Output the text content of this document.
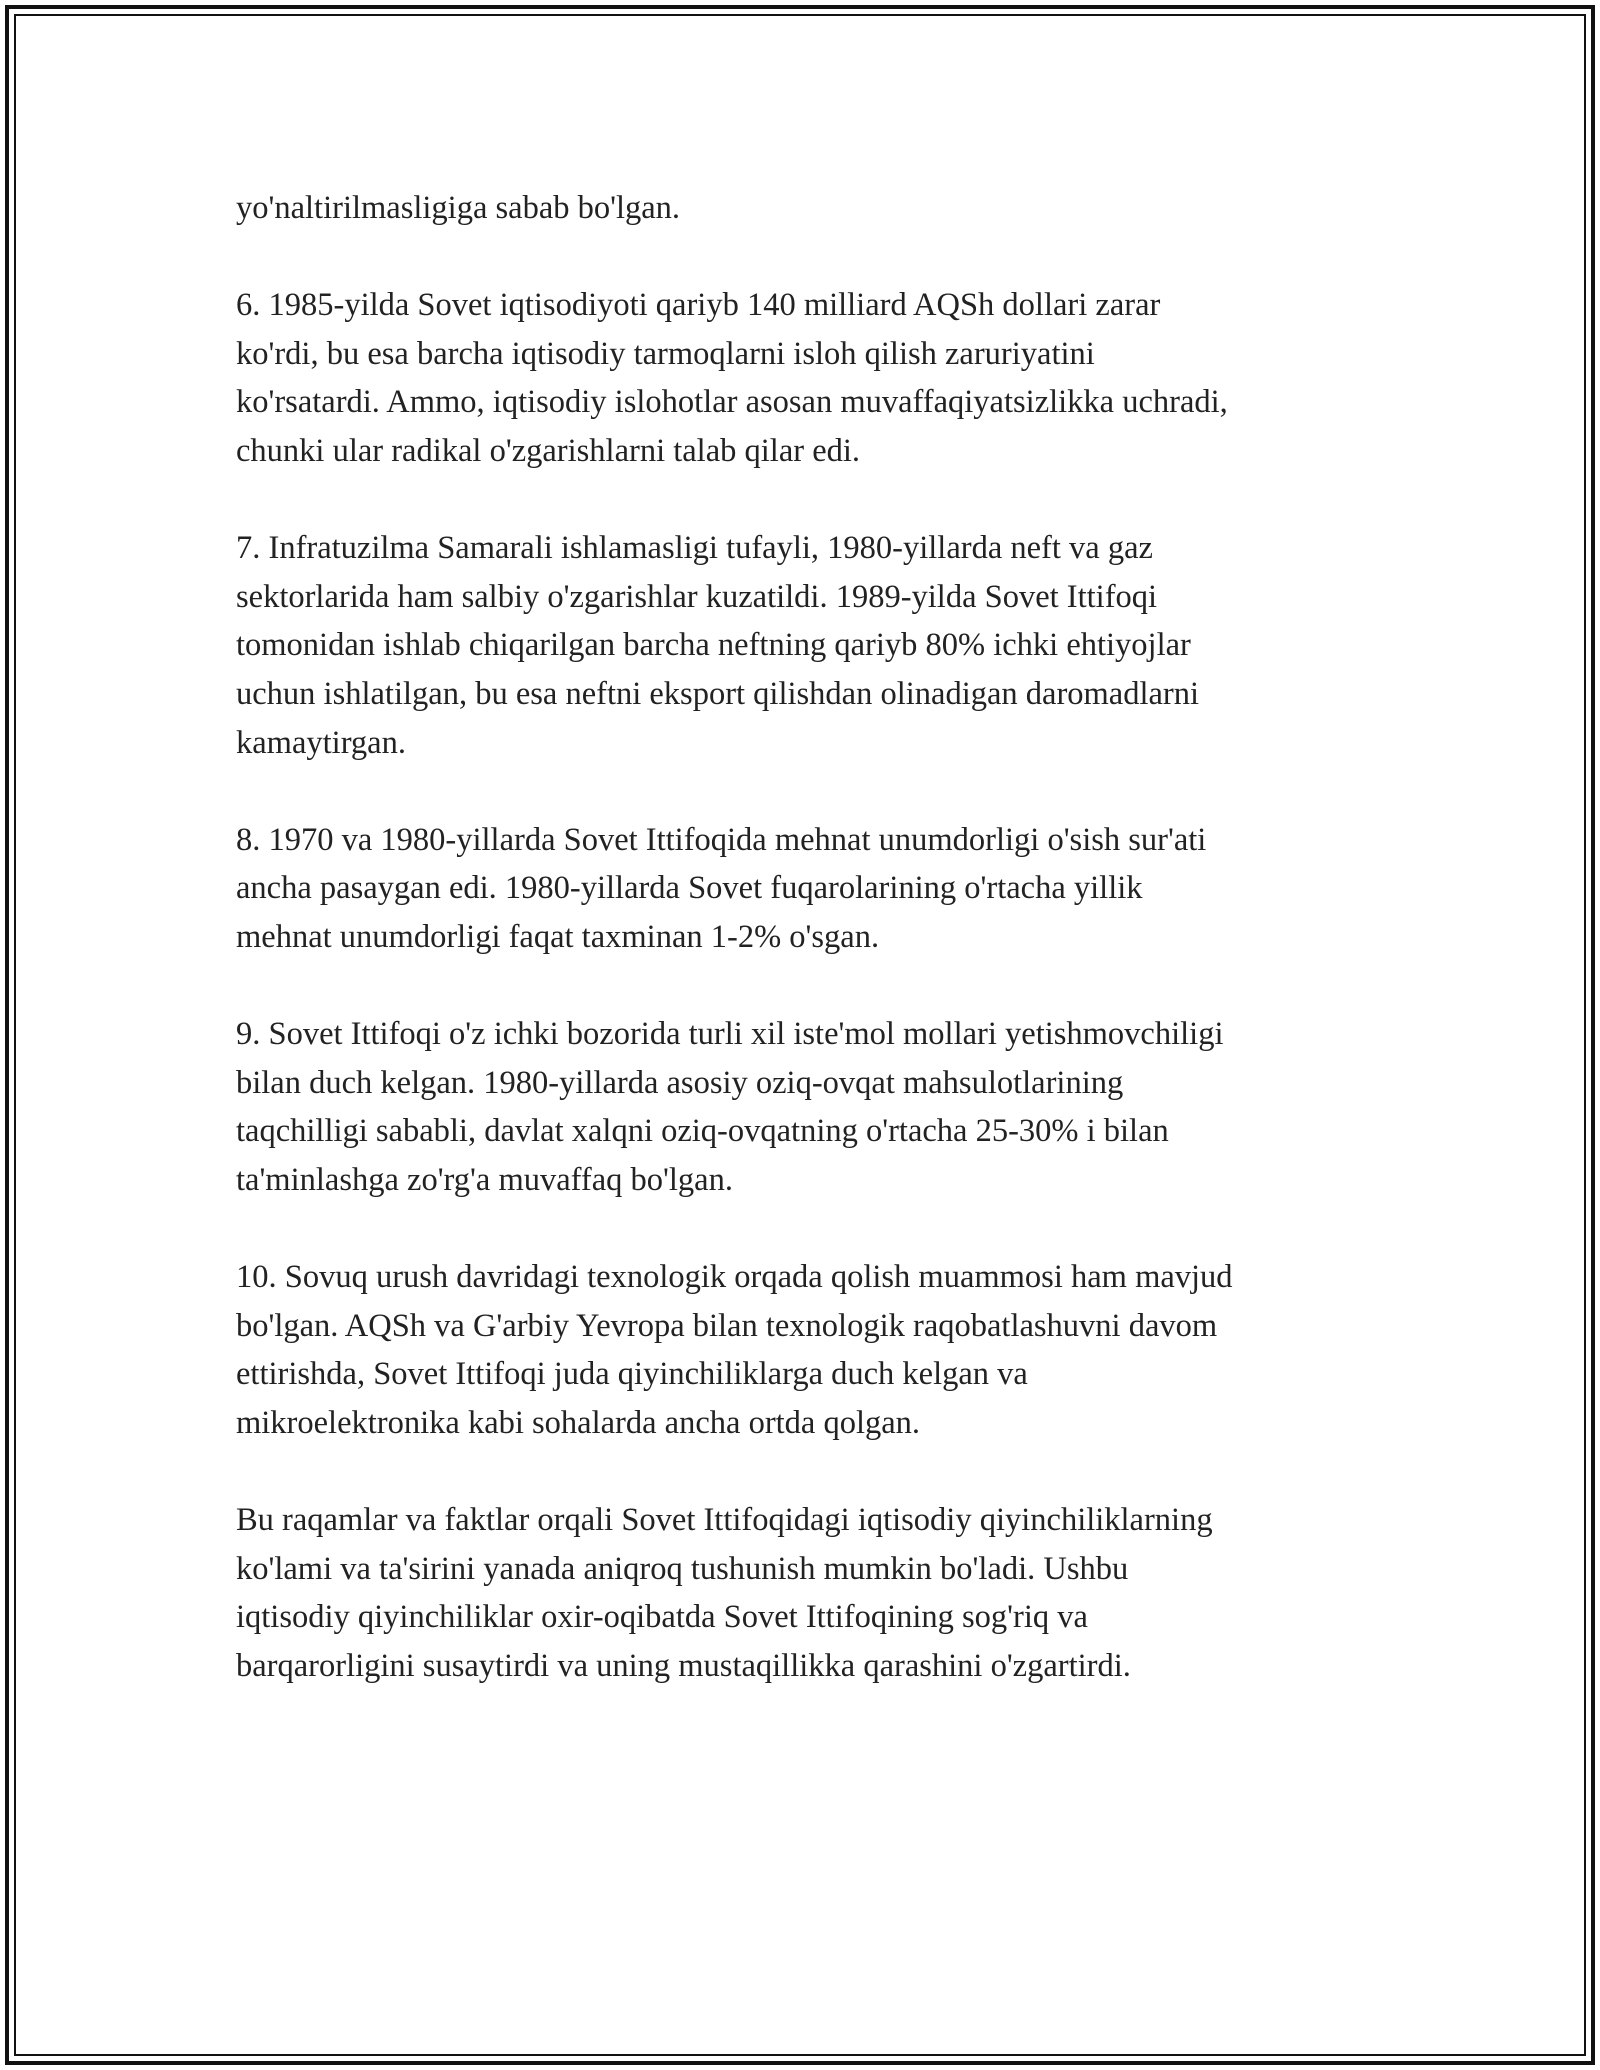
yo'naltirilmasligiga sabab bo'lgan.
6. 1985-yilda Sovet iqtisodiyoti qariyb 140 milliard AQSh dollari zarar
ko'rdi, bu esa barcha iqtisodiy tarmoqlarni isloh qilish zaruriyatini
ko'rsatardi. Ammo, iqtisodiy islohotlar asosan muvaffaqiyatsizlikka uchradi,
chunki ular radikal o'zgarishlarni talab qilar edi.
7. Infratuzilma Samarali ishlamasligi tufayli, 1980-yillarda neft va gaz
sektorlarida ham salbiy o'zgarishlar kuzatildi. 1989-yilda Sovet Ittifoqi
tomonidan ishlab chiqarilgan barcha neftning qariyb 80% ichki ehtiyojlar
uchun ishlatilgan, bu esa neftni eksport qilishdan olinadigan daromadlarni
kamaytirgan.
8. 1970 va 1980-yillarda Sovet Ittifoqida mehnat unumdorligi o'sish sur'ati
ancha pasaygan edi. 1980-yillarda Sovet fuqarolarining o'rtacha yillik
mehnat unumdorligi faqat taxminan 1-2% o'sgan.
9. Sovet Ittifoqi o'z ichki bozorida turli xil iste'mol mollari yetishmovchiligi
bilan duch kelgan. 1980-yillarda asosiy oziq-ovqat mahsulotlarining
taqchilligi sababli, davlat xalqni oziq-ovqatning o'rtacha 25-30% i bilan
ta'minlashga zo'rg'a muvaffaq bo'lgan.
10. Sovuq urush davridagi texnologik orqada qolish muammosi ham mavjud
bo'lgan. AQSh va G'arbiy Yevropa bilan texnologik raqobatlashuvni davom
ettirishda, Sovet Ittifoqi juda qiyinchiliklarga duch kelgan va
mikroelektronika kabi sohalarda ancha ortda qolgan.
Bu raqamlar va faktlar orqali Sovet Ittifoqidagi iqtisodiy qiyinchiliklarning
ko'lami va ta'sirini yanada aniqroq tushunish mumkin bo'ladi. Ushbu
iqtisodiy qiyinchiliklar oxir-oqibatda Sovet Ittifoqining sog'riq va
barqarorligini susaytirdi va uning mustaqillikka qarashini o'zgartirdi.
